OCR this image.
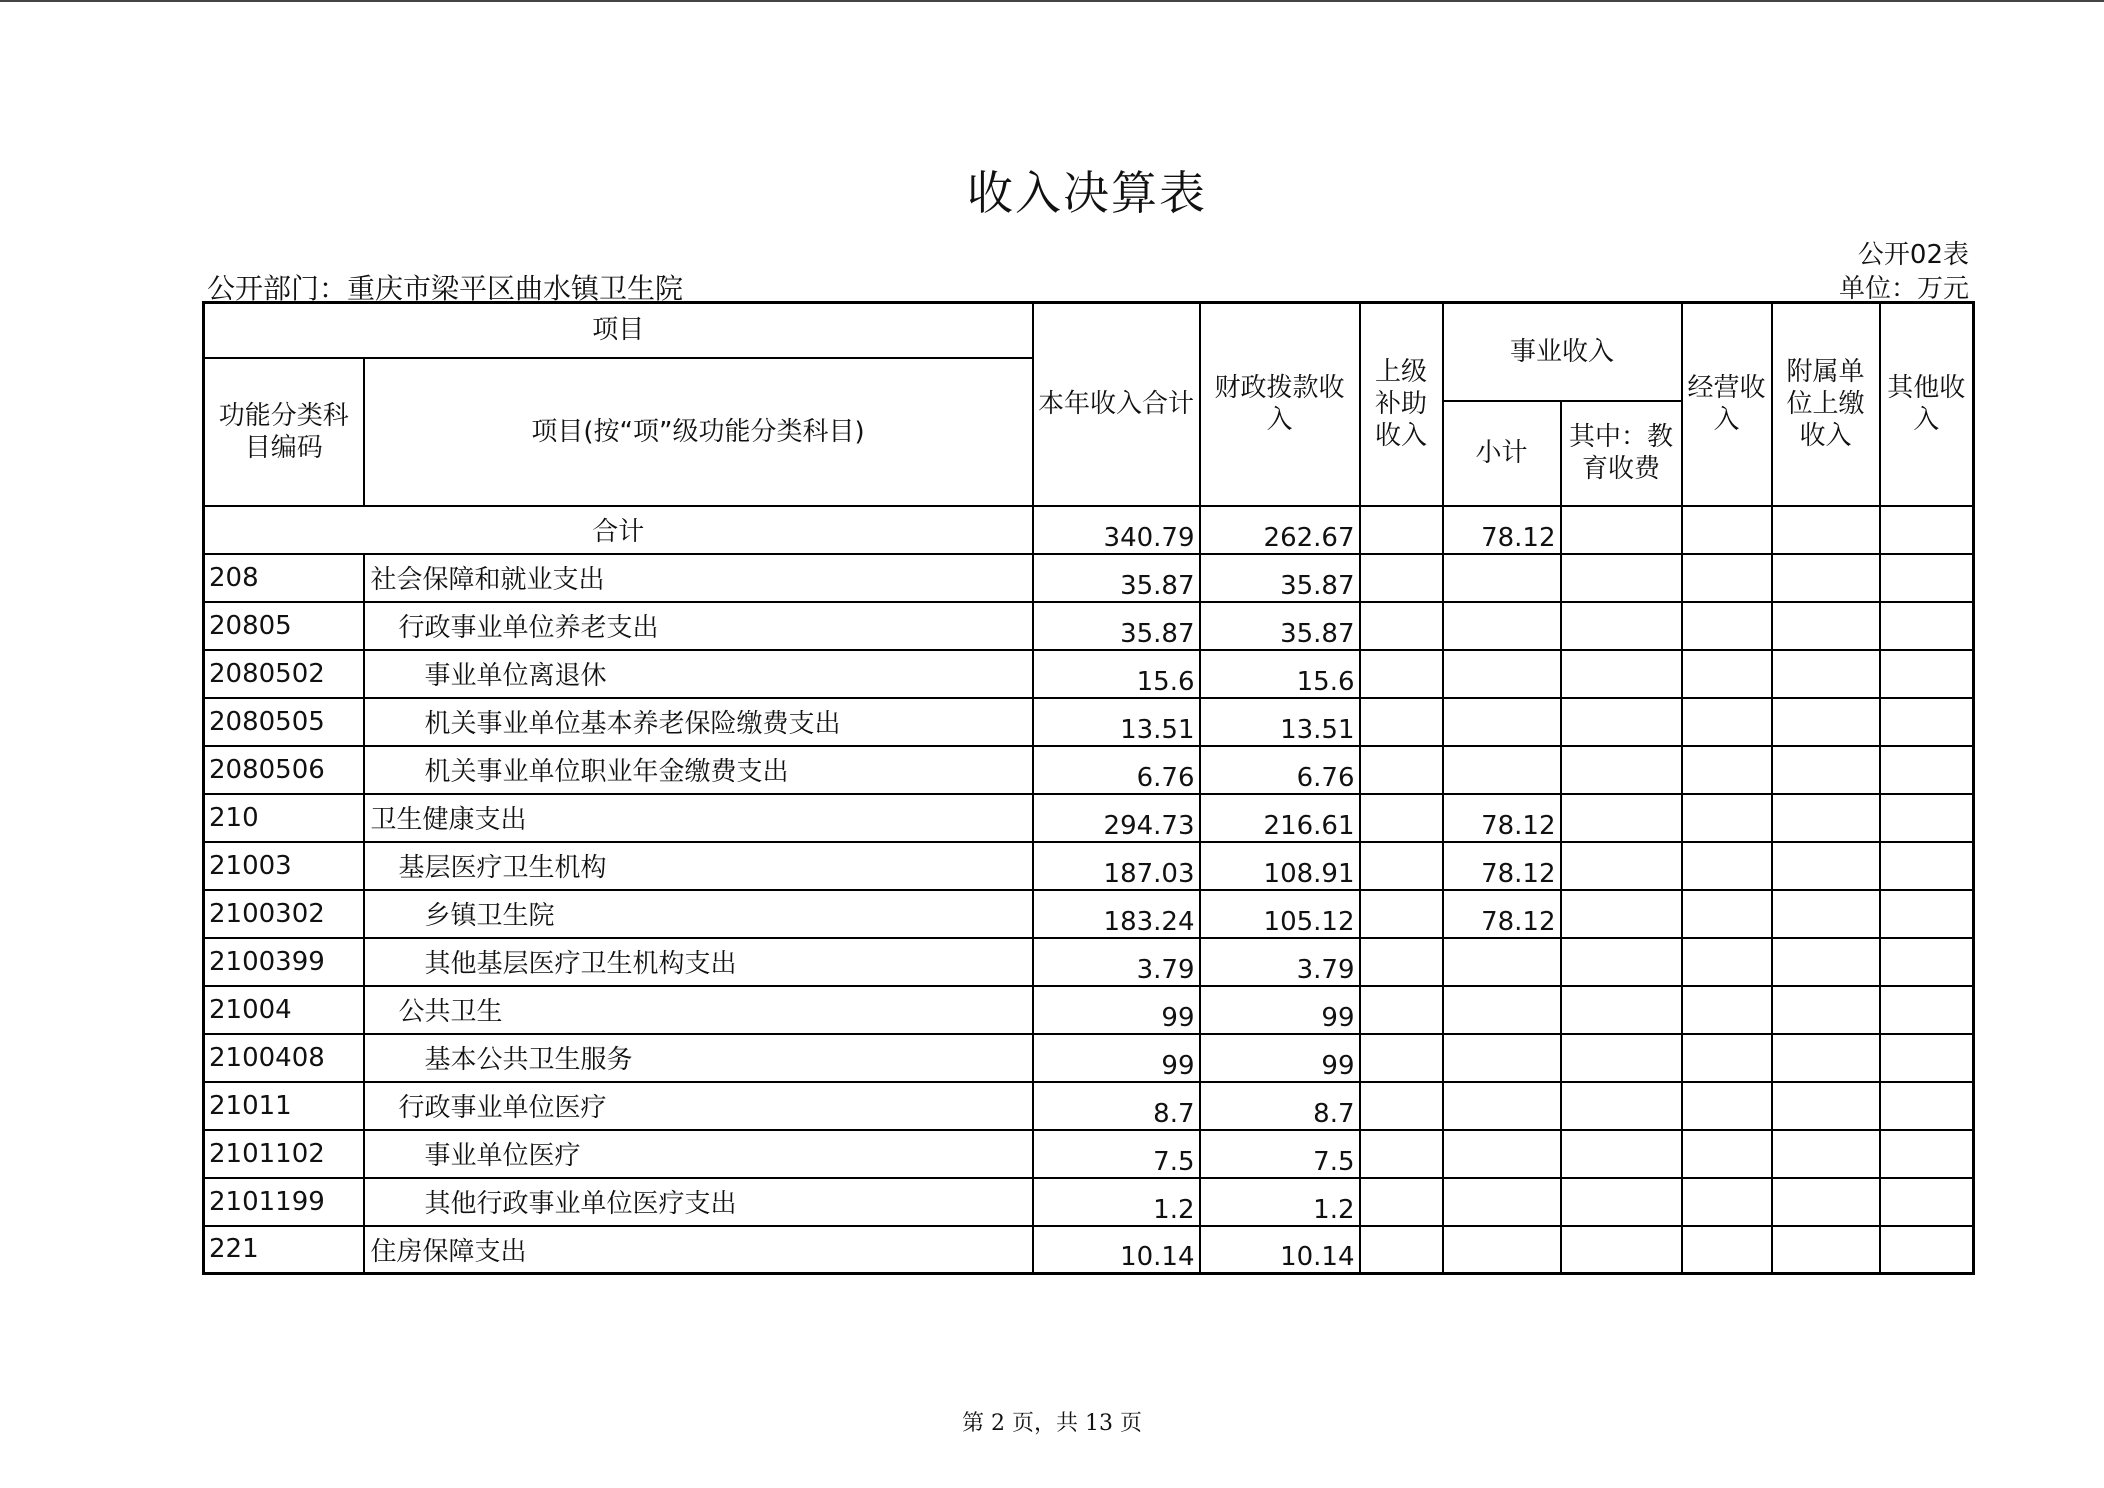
收入决算表
公开02表
公开部门：重庆市梁平区曲水镇卫生院	单位：万元
项目		本年收入合计	财政拨款收入	上级补助收入	事业收入		经营收入	附属单位上缴收入	其他收入
功能分类科目编码	项目(按“项”级功能分类科目)								
					小计	其中：教育收费			
合计		340.79	262.67		78.12				
208	社会保障和就业支出	35.87	35.87						
20805	行政事业单位养老支出	35.87	35.87						
2080502	事业单位离退休	15.6	15.6						
2080505	机关事业单位基本养老保险缴费支出	13.51	13.51						
2080506	机关事业单位职业年金缴费支出	6.76	6.76						
210	卫生健康支出	294.73	216.61		78.12				
21003	基层医疗卫生机构	187.03	108.91		78.12				
2100302	乡镇卫生院	183.24	105.12		78.12				
2100399	其他基层医疗卫生机构支出	3.79	3.79						
21004	公共卫生	99	99						
2100408	基本公共卫生服务	99	99						
21011	行政事业单位医疗	8.7	8.7						
2101102	事业单位医疗	7.5	7.5						
2101199	其他行政事业单位医疗支出	1.2	1.2						
221	住房保障支出	10.14	10.14						
第 2 页，共 13 页
